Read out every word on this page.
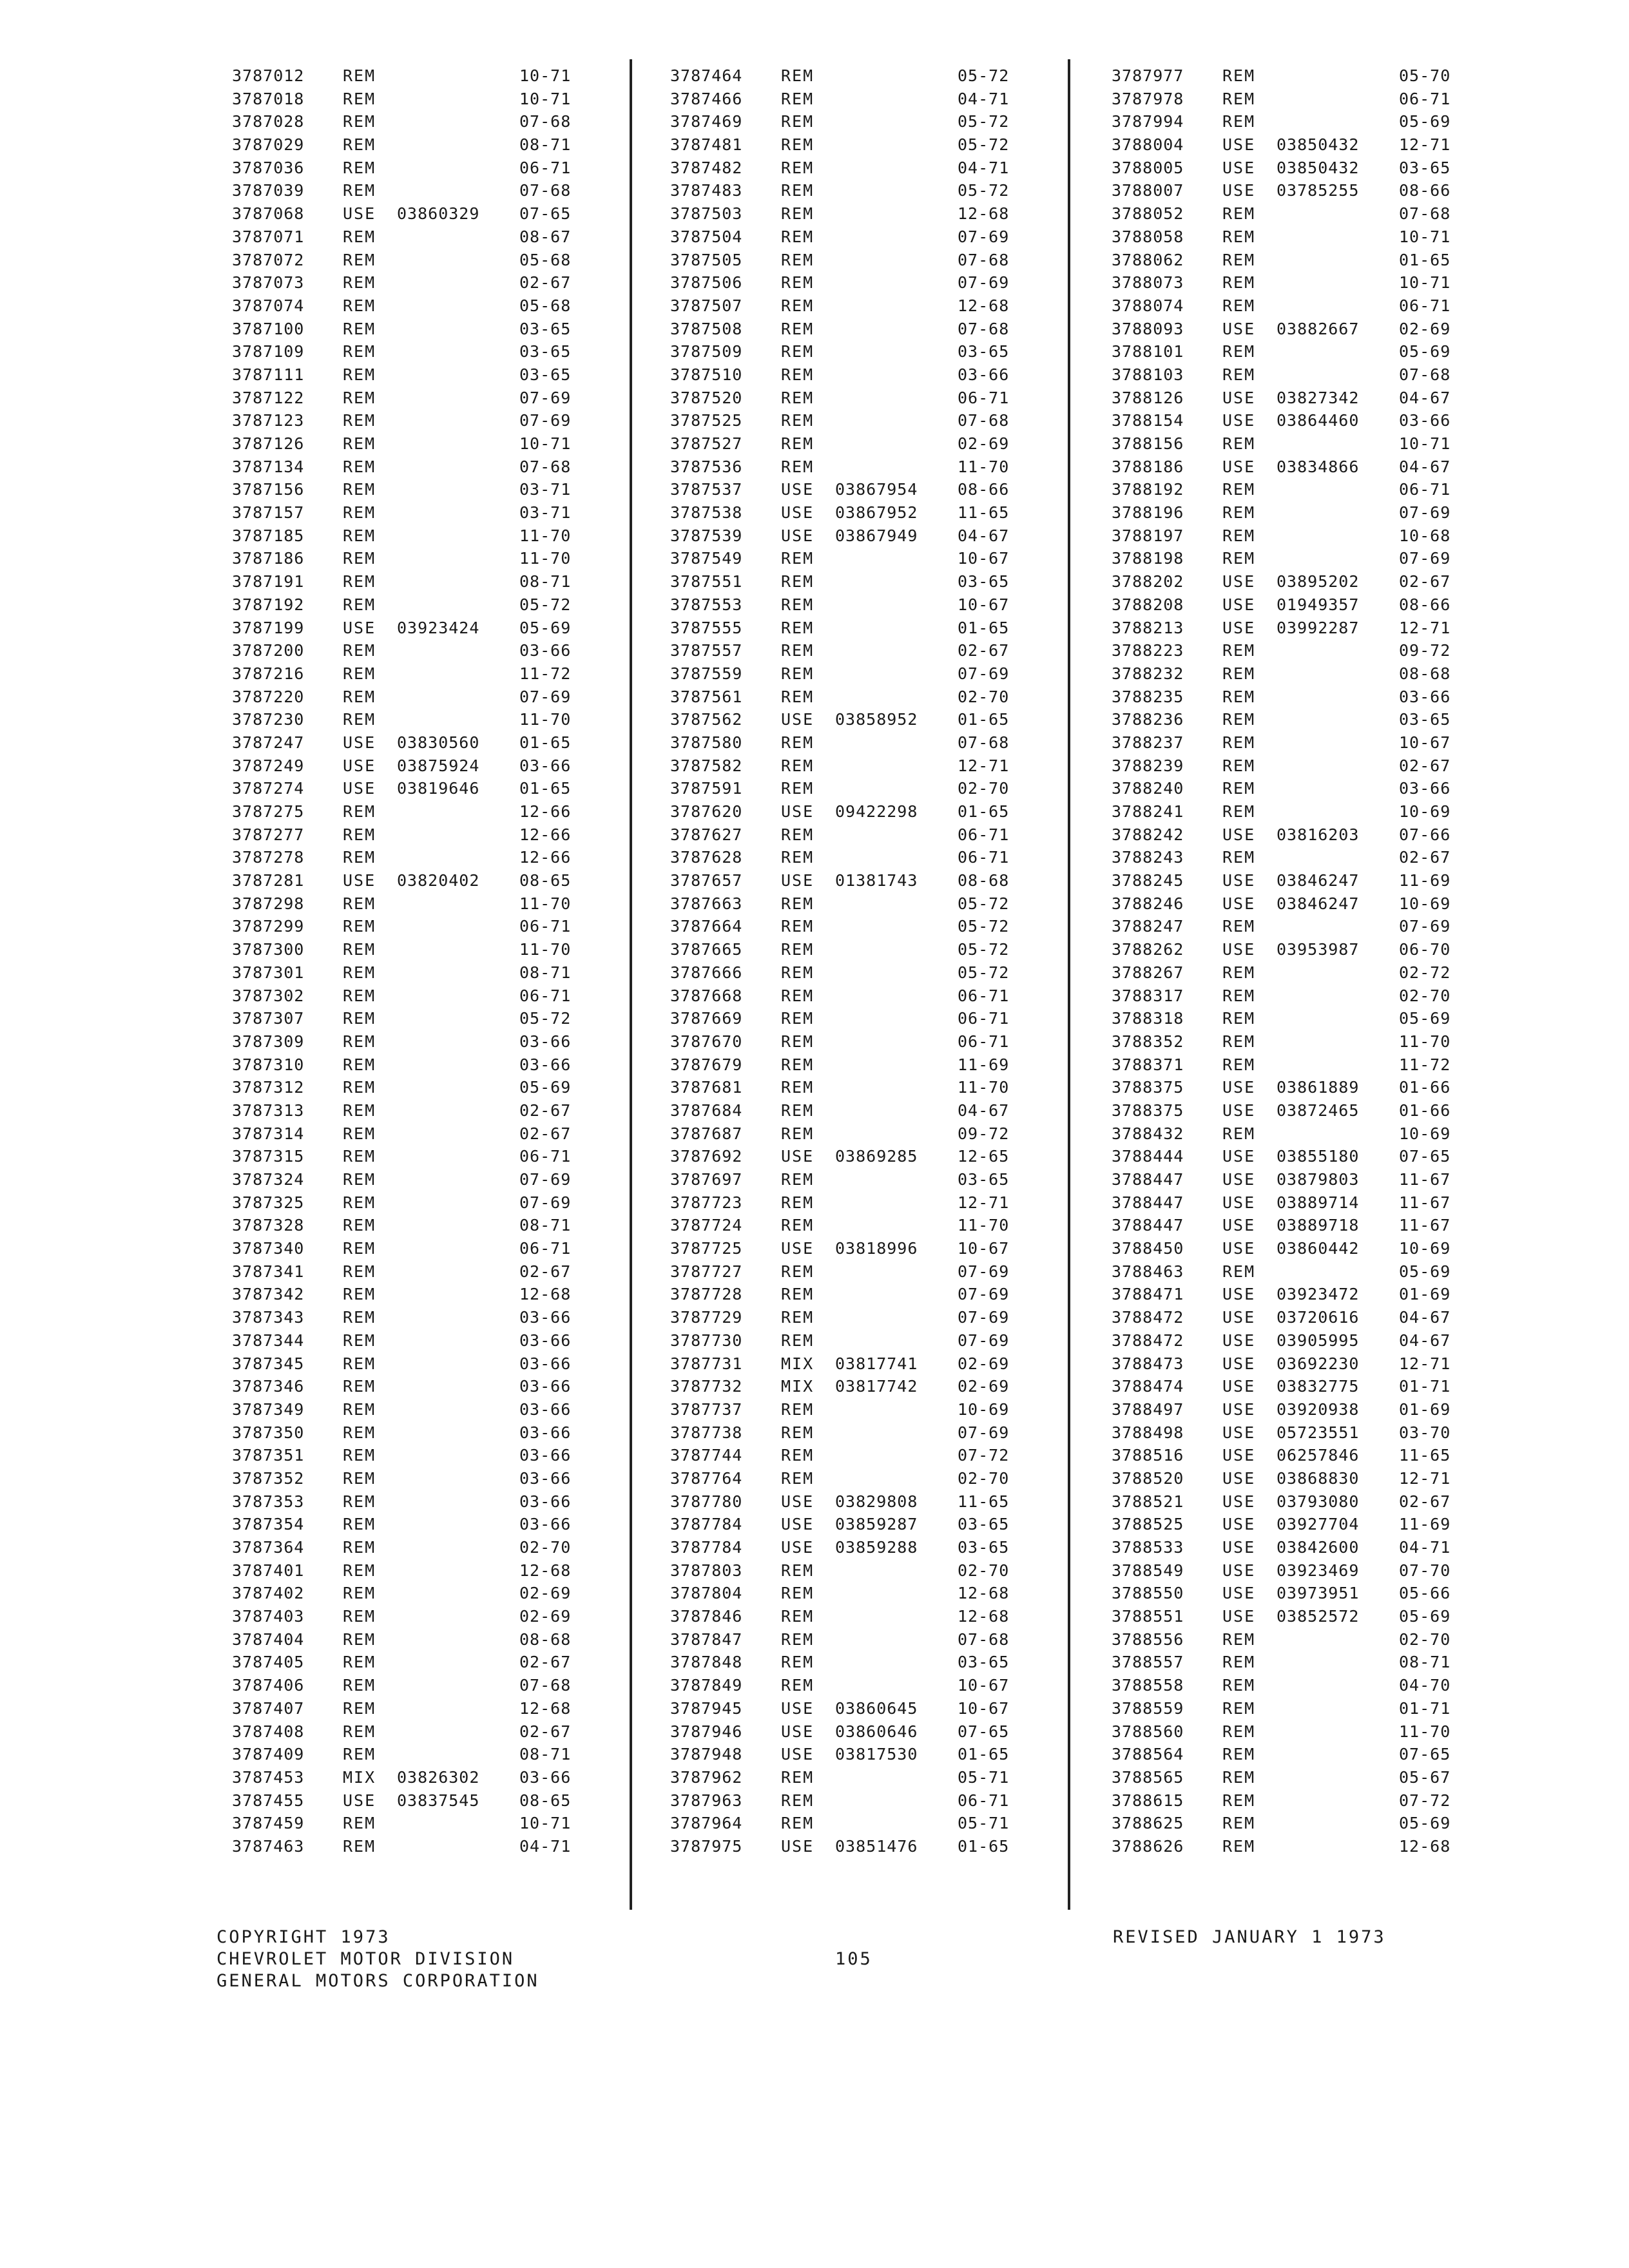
3787012 REM	10-71
3787018 REM	10-71
3787028 REM	07-68
3787029 REM	08-71
3787036 REM	06-71
3787039 REM	07-68
3787068 USE 03860329 07-65
3787071 REM	08-67
3787072 REM	05-68
3787073 REM	02-67
3787074 REM	05-68
3787100 REM	03-65
3787109 REM	03-65
3787111 REM	03-65
3787122 REM	07-69
3787123 REM	07-69
3787126 REM	10-71
3787134 REM	07-68
3787156 REM	03-71
3787157 REM	03-71
3787185 REM	11-70
3787186 REM	11-70
3787191 REM	08-71
3787192 REM	05-72
3787199 USE 03923424 05-69
3787200 REM	03-66
3787216 REM	11-72
3787220 REM	07-69
3787230 REM	11-70
3787247 USE 03830560 01-65
3787249 USE 03875924 03-66
3787274 USE 03819646 01-65
3787275 REM	12-66
3787277 REM	12-66
3787278 REM	12-66
3787281 USE 03820402 08-65
3787298 REM	11-70
3787299 REM	06-71
3787300 REM	11-70
3787301 REM	08-71
3787302 REM	06-71
3787307 REM	05-72
3787309 REM	03-66
3787310 REM	03-66
3787312 REM	05-69
3787313 REM	02-67
3787314 REM	02-67
3787315 REM	06-71
3787324 REM	07-69
3787325 REM	07-69
3787328 REM	08-71
3787340 REM	06-71
3787341 REM	02-67
3787342 REM	12-68
3787343 REM	03-66
3787344 REM	03-66
3787345 REM	03-66
3787346 REM	03-66
3787349 REM	03-66
3787350 REM	03-66
3787351 REM	03-66
3787352 REM	03-66
3787353 REM	03-66
3787354 REM	03-66
3787364 REM	02-70
3787401 REM	12-68
3787402 REM	02-69
3787403 REM	02-69
3787404 REM	08-68
3787405 REM	02-67
3787406 REM	07-68
3787407 REM	12-68
3787408 REM	02-67
3787409 REM	08-71
3787453 MIX 03826302 03-66
3787455 USE 03837545 08-65
3787459 REM	10-71
3787463 REM	04-71
3787464 REM	05-72
3787466 REM	04-71
3787469 REM	05-72
3787481 REM	05-72
3787482 REM	04-71
3787483 REM	05-72
3787503 REM	12-68
3787504 REM	07-69
3787505 REM	07-68
3787506 REM	07-69
3787507 REM	12-68
3787508 REM	07-68
3787509 REM	03-65
3787510 REM	03-66
3787520 REM	06-71
3787525 REM	07-68
3787527 REM	02-69
3787536 REM	11-70
3787537 USE 03867954 08-66
3787538 USE 03867952 11-65
3787539 USE 03867949 04-67
3787549 REM	10-67
3787551 REM	03-65
3787553 REM	10-67
3787555 REM	01-65
3787557 REM	02-67
3787559 REM	07-69
3787561 REM	02-70
3787562 USE 03858952 01-65
3787580 REM	07-68
3787582 REM	12-71
3787591 REM	02-70
3787620 USE 09422298 01-65
3787627 REM	06-71
3787628 REM	06-71
3787657 USE 01381743 08-68
3787663 REM	05-72
3787664 REM	05-72
3787665 REM	05-72
3787666 REM	05-72
3787668 REM	06-71
3787669 REM	06-71
3787670 REM	06-71
3787679 REM	11-69
3787681 REM	11-70
3787684 REM	04-67
3787687 REM	09-72
3787692 USE 03869285 12-65
3787697 REM	03-65
3787723 REM	12-71
3787724 REM	11-70
3787725 USE 03818996 10-67
3787727 REM	07-69
3787728 REM	07-69
3787729 REM	07-69
3787730 REM	07-69
3787731 MIX 03817741 02-69
3787732 MIX 03817742 02-69
3787737 REM	10-69
3787738 REM	07-69
3787744 REM	07-72
3787764 REM	02-70
3787780 USE 03829808 11-65
3787784 USE 03859287 03-65
3787784 USE 03859288 03-65
3787803 REM	02-70
3787804 REM	12-68
3787846 REM	12-68
3787847 REM	07-68
3787848 REM	03-65
3787849 REM	10-67
3787945 USE 03860645 10-67
3787946 USE 03860646 07-65
3787948 USE 03817530 01-65
3787962 REM	05-71
3787963 REM	06-71
3787964 REM	05-71
3787975 USE 03851476 01-65
3787977 REM	05-70
3787978 REM	06-71
3787994 REM	05-69
3788004 USE 03850432 12-71
3788005 USE 03850432 03-65
3788007 USE 03785255 08-66
3788052 REM	07-68
3788058 REM	10-71
3788062 REM	01-65
3788073 REM	10-71
3788074 REM	06-71
3788093 USE 03882667 02-69
3788101 REM	05-69
3788103 REM	07-68
3788126 USE 03827342 04-67
3788154 USE 03864460 03-66
3788156 REM	10-71
3788186 USE 03834866 04-67
3788192 REM	06-71
3788196 REM	07-69
3788197 REM	10-68
3788198 REM	07-69
3788202 USE 03895202 02-67
3788208 USE 01949357 08-66
3788213 USE 03992287 12-71
3788223 REM	09-72
3788232 REM	08-68
3788235 REM	03-66
3788236 REM	03-65
3788237 REM	10-67
3788239 REM	02-67
3788240 REM	03-66
3788241 REM	10-69
3788242 USE 03816203 07-66
3788243 REM	02-67
3788245 USE 03846247 11-69
3788246 USE 03846247 10-69
3788247 REM	07-69
3788262 USE 03953987 06-70
3788267 REM	02-72
3788317 REM	02-70
3788318 REM	05-69
3788352 REM	11-70
3788371 REM	11-72
3788375 USE 03861889 01-66
3788375 USE 03872465 01-66
3788432 REM	10-69
3788444 USE 03855180 07-65
3788447 USE 03879803 11-67
3788447 USE 03889714 11-67
3788447 USE 03889718 11-67
3788450 USE 03860442 10-69
3788463 REM	05-69
3788471 USE 03923472 01-69
3788472 USE 03720616 04-67
3788472 USE 03905995 04-67
3788473 USE 03692230 12-71
3788474 USE 03832775 01-71
3788497 USE 03920938 01-69
3788498 USE 05723551 03-70
3788516 USE 06257846 11-65
3788520 USE 03868830 12-71
3788521 USE 03793080 02-67
3788525 USE 03927704 11-69
3788533 USE 03842600 04-71
3788549 USE 03923469 07-70
3788550 USE 03973951 05-66
3788551 USE 03852572 05-69
3788556 REM	02-70
3788557 REM	08-71
3788558 REM	04-70
3788559 REM	01-71
3788560 REM	11-70
3788564 REM	07-65
3788565 REM	05-67
3788615 REM	07-72
3788625 REM	05-69
3788626 REM	12-68
COPYRIGHT 1973
CHEVROLET MOTOR DIVISION
GENERAL MOTORS CORPORATION
105
REVISED JANUARY 1 1973
